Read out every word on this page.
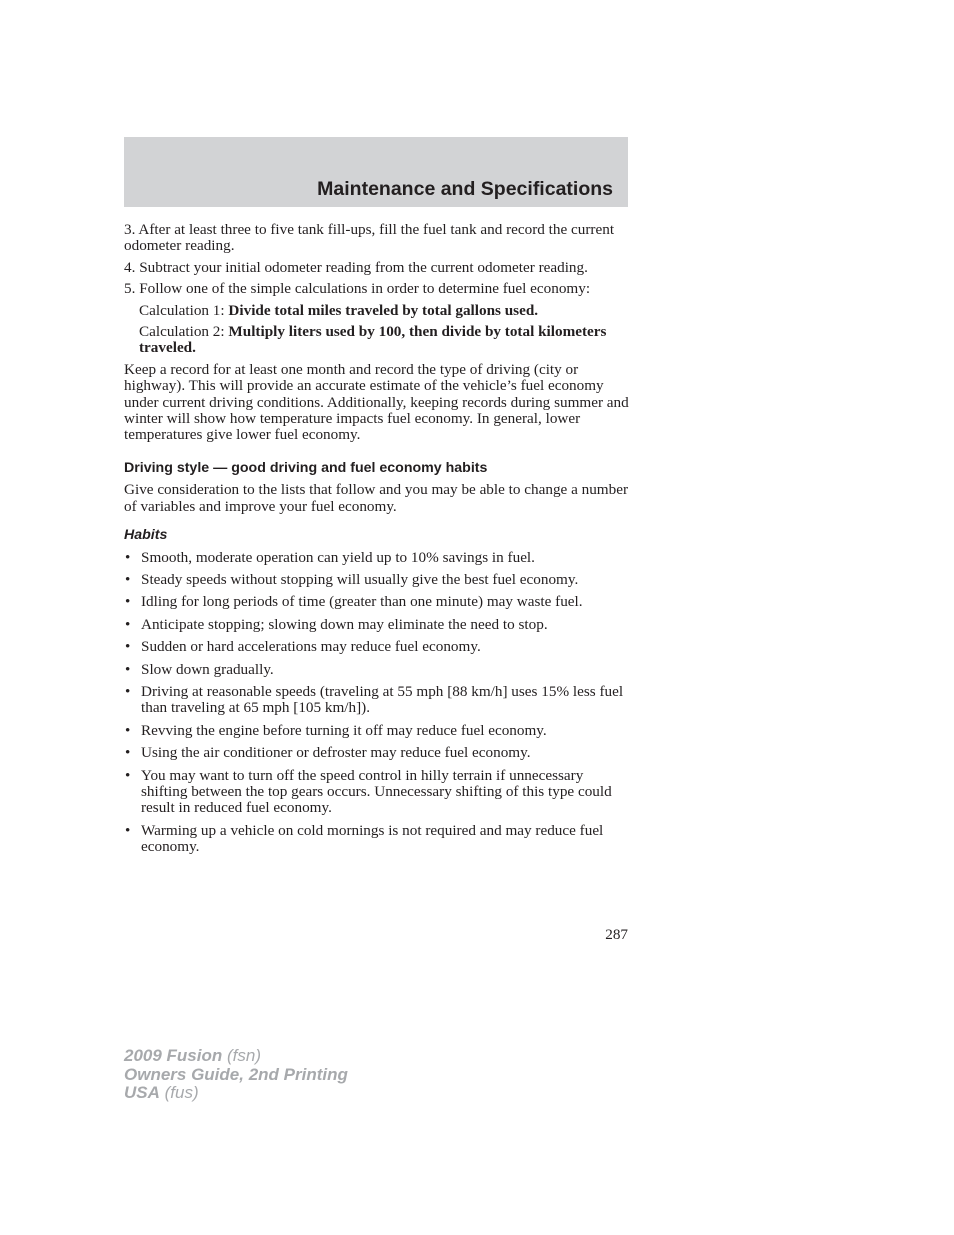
Maintenance and Specifications

3. After at least three to five tank fill-ups, fill the fuel tank and record the current odometer reading.

4. Subtract your initial odometer reading from the current odometer reading.

5. Follow one of the simple calculations in order to determine fuel economy:

Calculation 1: Divide total miles traveled by total gallons used.

Calculation 2: Multiply liters used by 100, then divide by total kilometers traveled.

Keep a record for at least one month and record the type of driving (city or highway). This will provide an accurate estimate of the vehicle’s fuel economy under current driving conditions. Additionally, keeping records during summer and winter will show how temperature impacts fuel economy. In general, lower temperatures give lower fuel economy.

Driving style — good driving and fuel economy habits

Give consideration to the lists that follow and you may be able to change a number of variables and improve your fuel economy.

Habits
• Smooth, moderate operation can yield up to 10% savings in fuel.
• Steady speeds without stopping will usually give the best fuel economy.
• Idling for long periods of time (greater than one minute) may waste fuel.
• Anticipate stopping; slowing down may eliminate the need to stop.
• Sudden or hard accelerations may reduce fuel economy.
• Slow down gradually.
• Driving at reasonable speeds (traveling at 55 mph [88 km/h] uses 15% less fuel than traveling at 65 mph [105 km/h]).
• Revving the engine before turning it off may reduce fuel economy.
• Using the air conditioner or defroster may reduce fuel economy.
• You may want to turn off the speed control in hilly terrain if unnecessary shifting between the top gears occurs. Unnecessary shifting of this type could result in reduced fuel economy.
• Warming up a vehicle on cold mornings is not required and may reduce fuel economy.
287
2009 Fusion (fsn)
Owners Guide, 2nd Printing
USA (fus)
